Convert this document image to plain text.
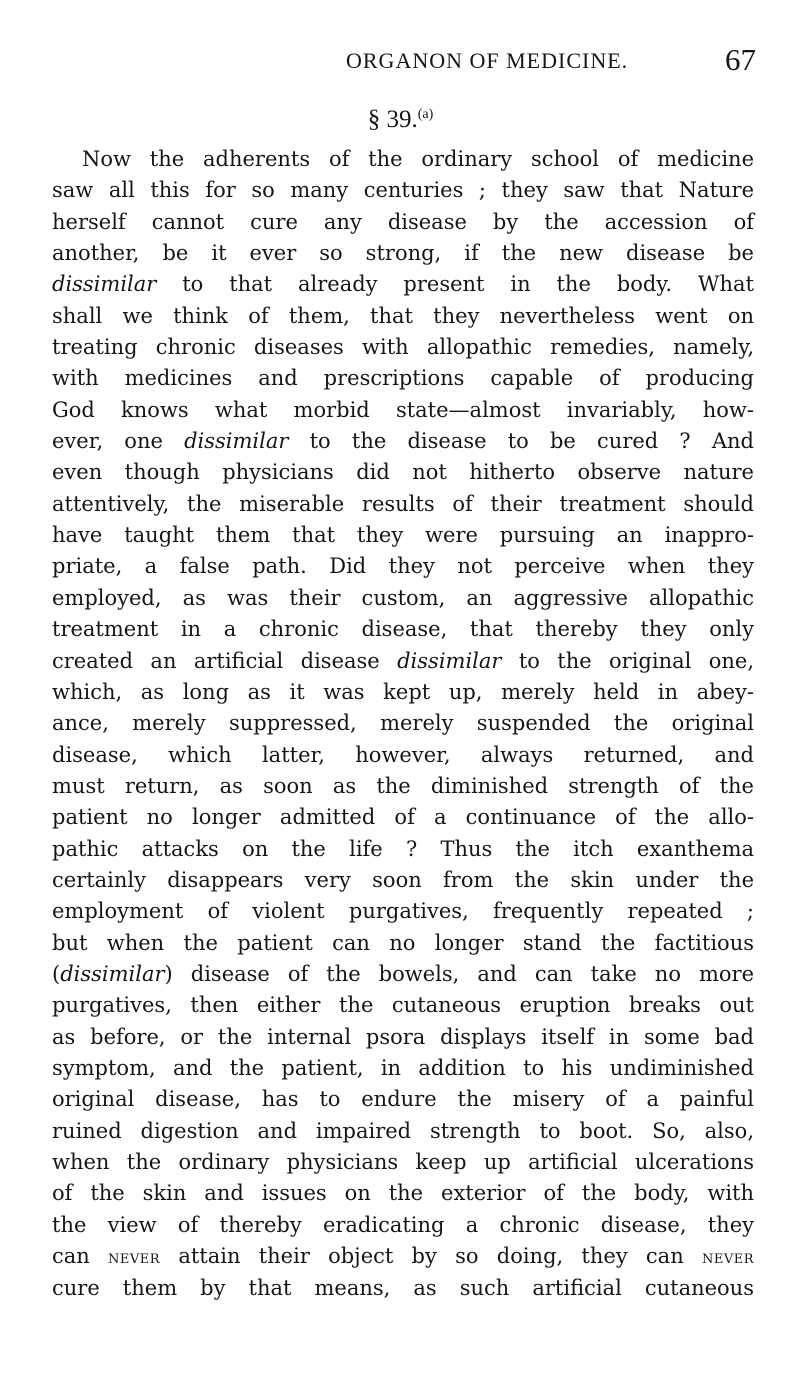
ORGANON OF MEDICINE.	67
§ 39.$^{(a)}$
Now the adherents of the ordinary school of medicine
saw all this for so many centuries ; they saw that Nature
herself cannot cure any disease by the accession of
another, be it ever so strong, if the new disease be
dissimilar to that already present in the body. What
shall we think of them, that they nevertheless went on
treating chronic diseases with allopathic remedies, namely,
with medicines and prescriptions capable of producing
God knows what morbid state—almost invariably, how-
ever, one dissimilar to the disease to be cured ? And
even though physicians did not hitherto observe nature
attentively, the miserable results of their treatment should
have taught them that they were pursuing an inappro-
priate, a false path. Did they not perceive when they
employed, as was their custom, an aggressive allopathic
treatment in a chronic disease, that thereby they only
created an artificial disease dissimilar to the original one,
which, as long as it was kept up, merely held in abey-
ance, merely suppressed, merely suspended the original
disease, which latter, however, always returned, and
must return, as soon as the diminished strength of the
patient no longer admitted of a continuance of the allo-
pathic attacks on the life ? Thus the itch exanthema
certainly disappears very soon from the skin under the
employment of violent purgatives, frequently repeated ;
but when the patient can no longer stand the factitious
(dissimilar) disease of the bowels, and can take no more
purgatives, then either the cutaneous eruption breaks out
as before, or the internal psora displays itself in some bad
symptom, and the patient, in addition to his undiminished
original disease, has to endure the misery of a painful
ruined digestion and impaired strength to boot. So, also,
when the ordinary physicians keep up artificial ulcerations
of the skin and issues on the exterior of the body, with
the view of thereby eradicating a chronic disease, they
can never attain their object by so doing, they can never
cure them by that means, as such artificial cutaneous
